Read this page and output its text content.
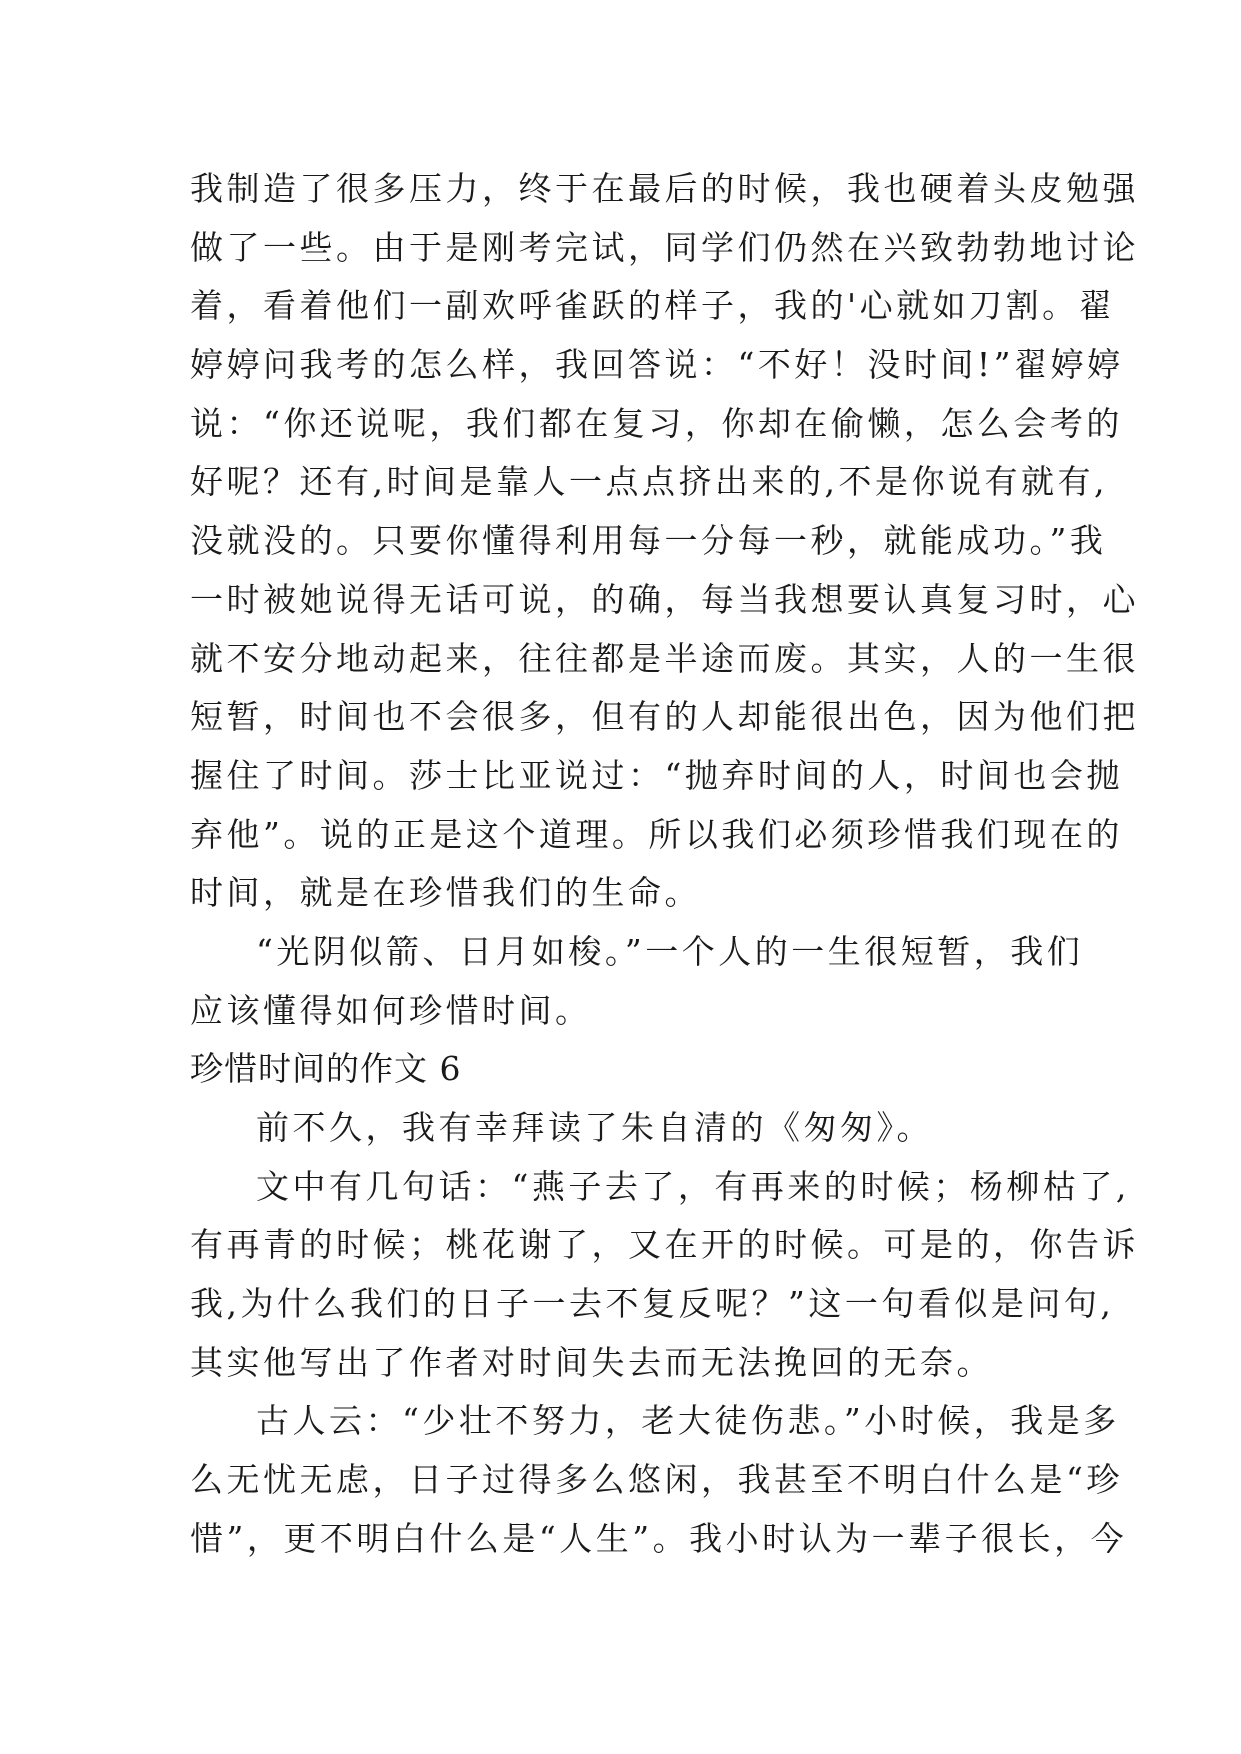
我制造了很多压力，终于在最后的时候，我也硬着头皮勉强
做了一些。由于是刚考完试，同学们仍然在兴致勃勃地讨论
着，看着他们一副欢呼雀跃的样子，我的'心就如刀割。翟
婷婷问我考的怎么样，我回答说：“不好！没时间!”翟婷婷
说：“你还说呢，我们都在复习，你却在偷懒，怎么会考的
好呢？还有,时间是靠人一点点挤出来的,不是你说有就有,
没就没的。只要你懂得利用每一分每一秒，就能成功。”我
一时被她说得无话可说，的确，每当我想要认真复习时，心
就不安分地动起来，往往都是半途而废。其实，人的一生很
短暂，时间也不会很多，但有的人却能很出色，因为他们把
握住了时间。莎士比亚说过：“抛弃时间的人，时间也会抛
弃他”。说的正是这个道理。所以我们必须珍惜我们现在的
时间，就是在珍惜我们的生命。
“光阴似箭、日月如梭。”一个人的一生很短暂，我们
应该懂得如何珍惜时间。
珍惜时间的作文 6
前不久，我有幸拜读了朱自清的《匆匆》。
文中有几句话：“燕子去了，有再来的时候；杨柳枯了,
有再青的时候；桃花谢了，又在开的时候。可是的，你告诉
我,为什么我们的日子一去不复反呢？”这一句看似是问句,
其实他写出了作者对时间失去而无法挽回的无奈。
古人云：“少壮不努力，老大徒伤悲。”小时候，我是多
么无忧无虑，日子过得多么悠闲，我甚至不明白什么是“珍
惜”，更不明白什么是“人生”。我小时认为一辈子很长，今
